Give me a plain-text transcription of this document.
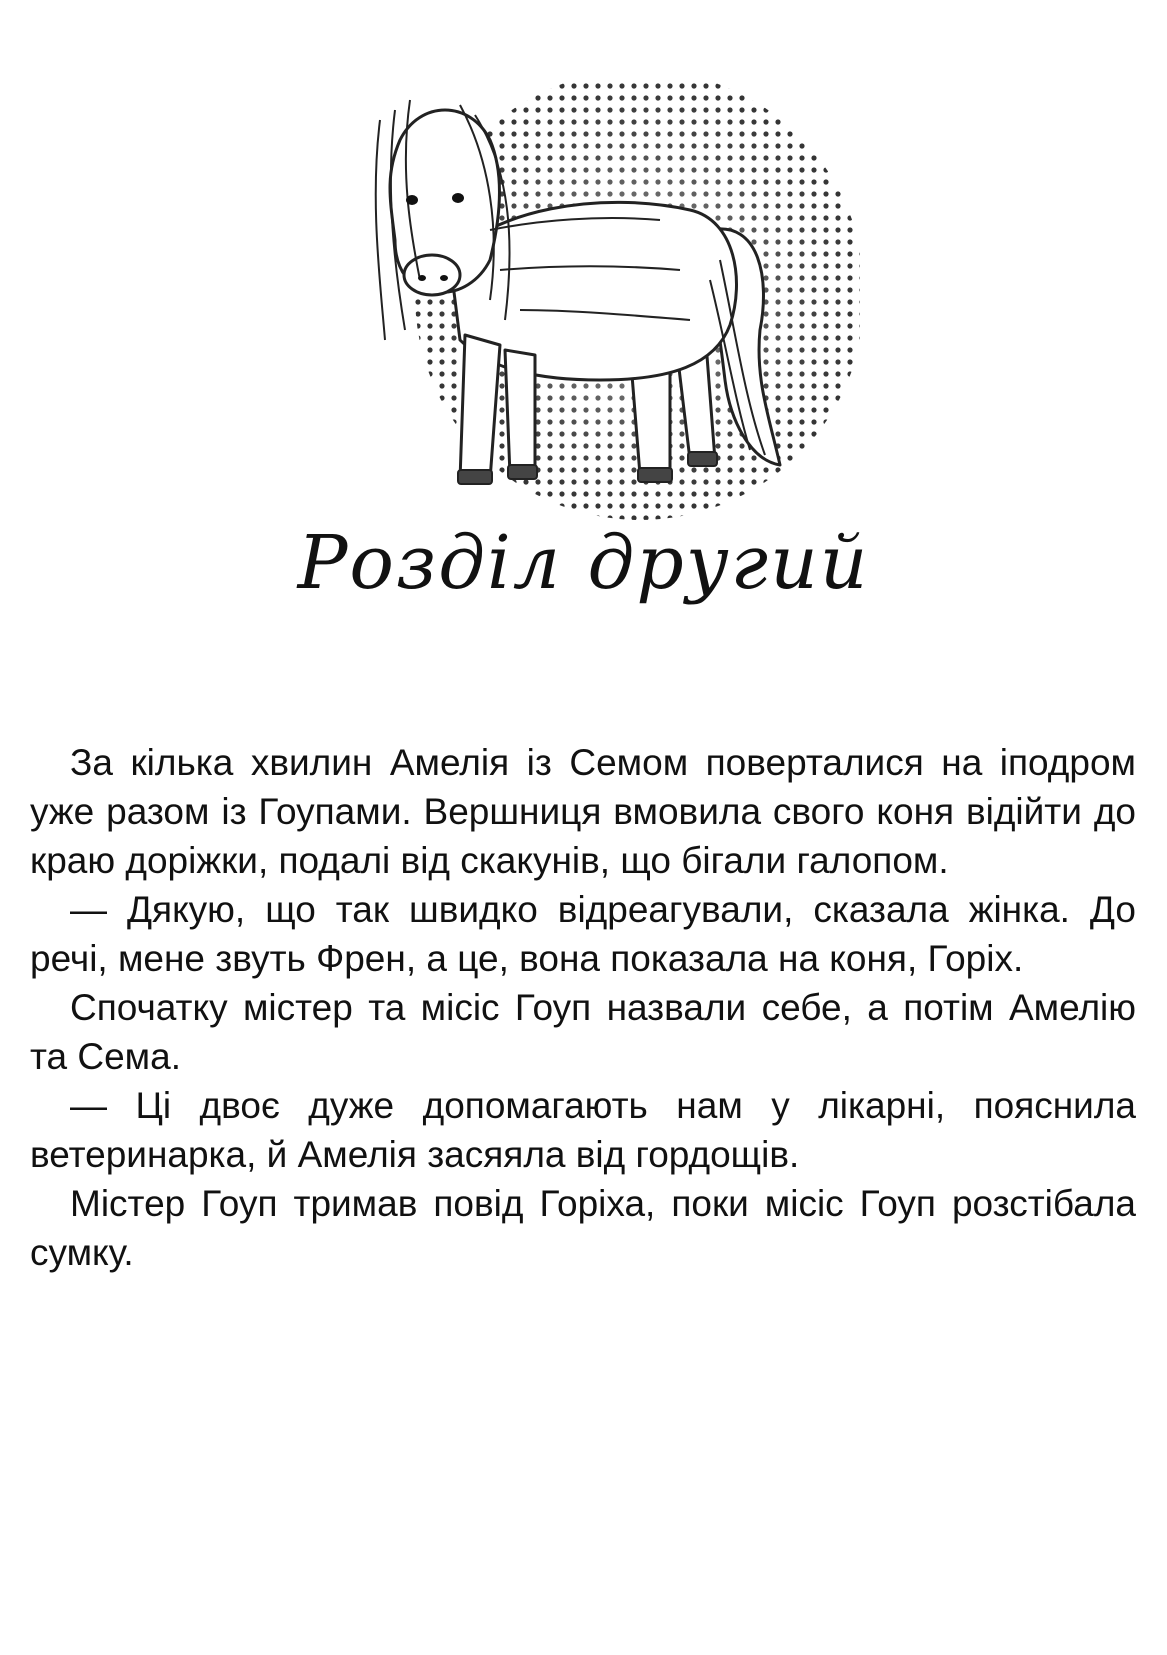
Розділ другий

За кілька хвилин Амелія із Семом поверталися на іподром уже разом із Гоупами. Вершниця вмовила свого коня відійти до краю доріжки, подалі від скакунів, що бігали галопом.

— Дякую, що так швидко відреагували, сказала жінка. До речі, мене звуть Френ, а це, вона показала на коня, Горіх.

Спочатку містер та місіс Гоуп назвали себе, а потім Амелію та Сема.

— Ці двоє дуже допомагають нам у лікарні, пояснила ветеринарка, й Амелія засяяла від гордощів.

Містер Гоуп тримав повід Горіха, поки місіс Гоуп розстібала сумку.
